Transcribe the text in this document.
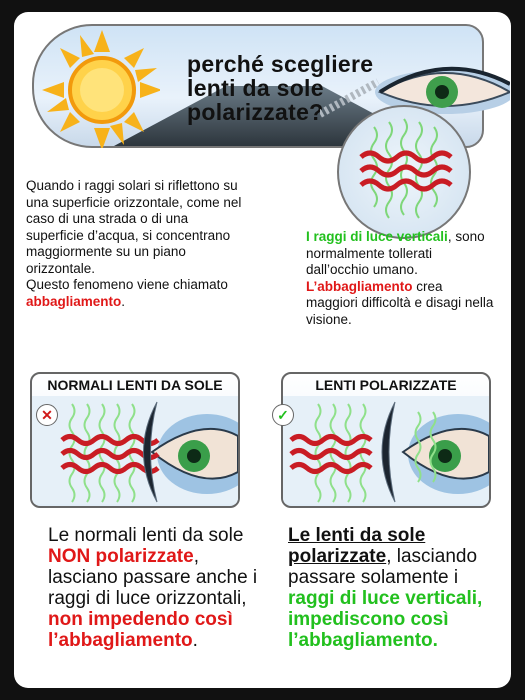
perché scegliere
lenti da sole
polarizzate?
Quando i raggi solari si riflettono su
una superficie orizzontale, come nel
caso di una strada o di una
superficie d’acqua, si concentrano
maggiormente su un piano
orizzontale.
Questo fenomeno viene chiamato
abbagliamento.
I raggi di luce verticali, sono normalmente tollerati dall’occhio umano.
L’abbagliamento crea maggiori difficoltà e disagi nella visione.
NORMALI LENTI DA SOLE
✕
LENTI POLARIZZATE
✓
Le normali lenti da sole
NON polarizzate, lasciano passare anche i raggi di luce orizzontali, non impedendo così l’abbagliamento.
Le lenti da sole polarizzate, lasciando passare solamente i raggi di luce verticali, impediscono così l’abbagliamento.
